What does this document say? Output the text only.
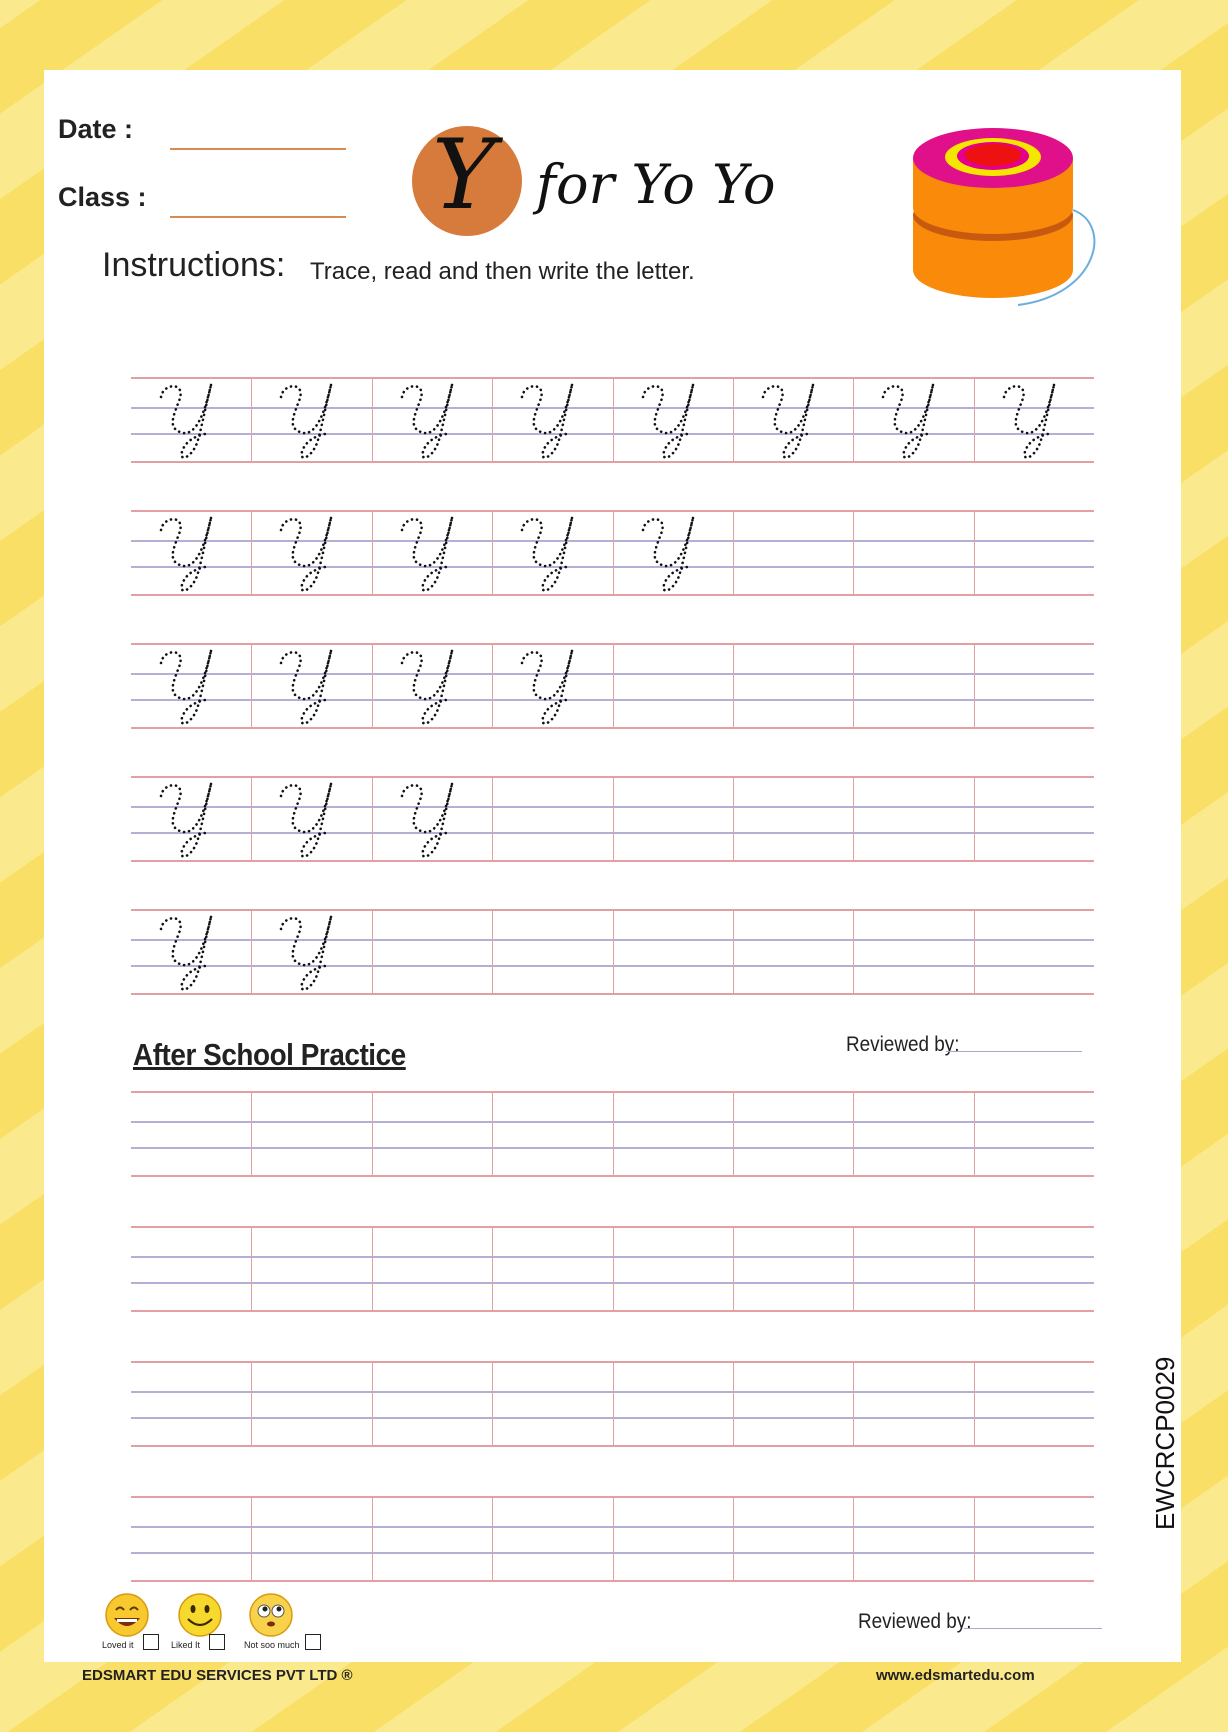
Date :
Class :	Y for Yo Yo
Instructions: Trace, read and then write the letter.
After School Practice	Reviewed by:
EWCRCP0029
Loved it	Liked It	Not soo much
Reviewed by:
EDSMART EDU SERVICES PVT LTD ®	www.edsmartedu.com
